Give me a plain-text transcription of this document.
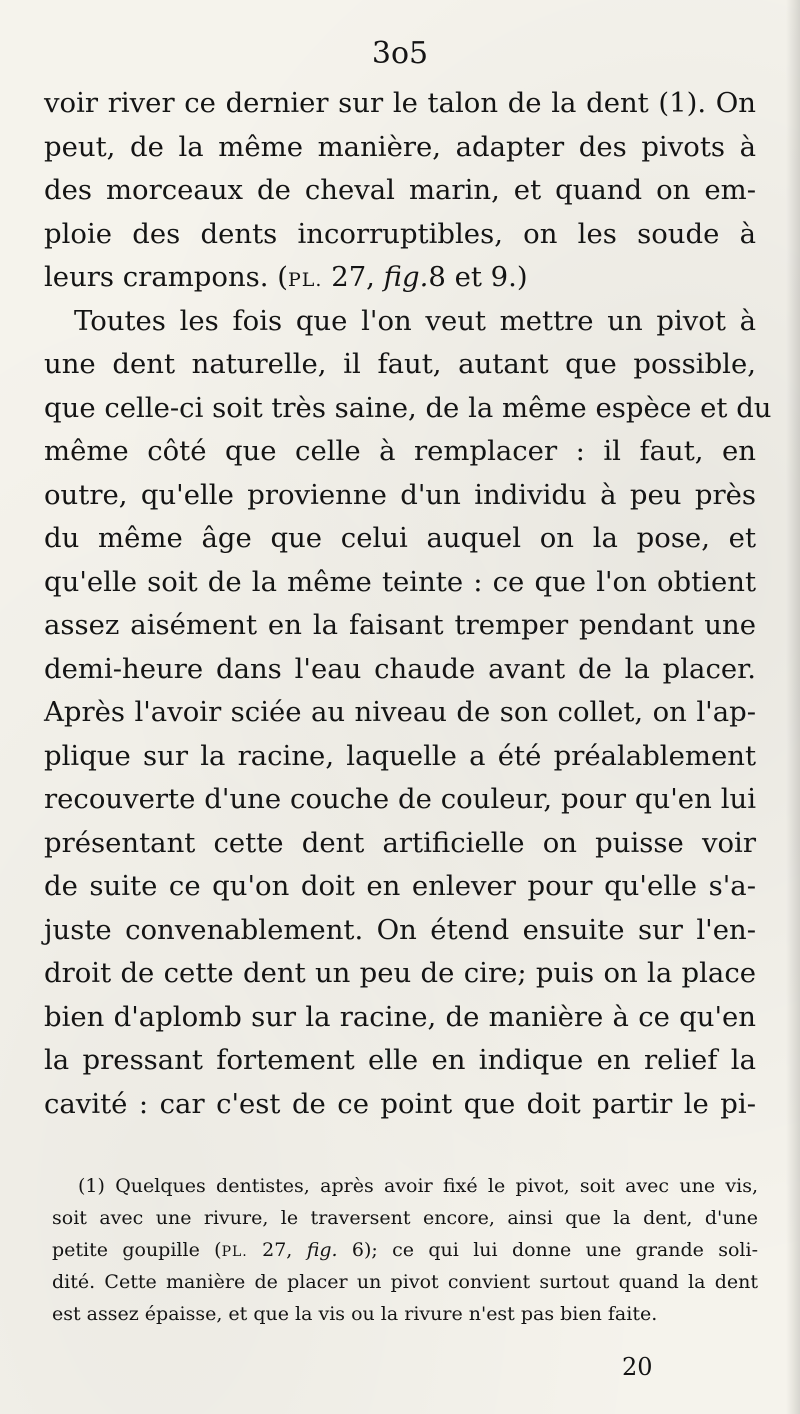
3o5
voir river ce dernier sur le talon de la dent (1). On
peut, de la même manière, adapter des pivots à
des morceaux de cheval marin, et quand on em-
ploie des dents incorruptibles, on les soude à
leurs crampons. (PL. 27, fig.8 et 9.)
Toutes les fois que l'on veut mettre un pivot à
une dent naturelle, il faut, autant que possible,
que celle-ci soit très saine, de la même espèce et du
même côté que celle à remplacer : il faut, en
outre, qu'elle provienne d'un individu à peu près
du même âge que celui auquel on la pose, et
qu'elle soit de la même teinte : ce que l'on obtient
assez aisément en la faisant tremper pendant une
demi-heure dans l'eau chaude avant de la placer.
Après l'avoir sciée au niveau de son collet, on l'ap-
plique sur la racine, laquelle a été préalablement
recouverte d'une couche de couleur, pour qu'en lui
présentant cette dent artificielle on puisse voir
de suite ce qu'on doit en enlever pour qu'elle s'a-
juste convenablement. On étend ensuite sur l'en-
droit de cette dent un peu de cire; puis on la place
bien d'aplomb sur la racine, de manière à ce qu'en
la pressant fortement elle en indique en relief la
cavité : car c'est de ce point que doit partir le pi-
(1) Quelques dentistes, après avoir fixé le pivot, soit avec une vis,
soit avec une rivure, le traversent encore, ainsi que la dent, d'une
petite goupille (PL. 27, fig. 6); ce qui lui donne une grande soli-
dité. Cette manière de placer un pivot convient surtout quand la dent
est assez épaisse, et que la vis ou la rivure n'est pas bien faite.
20
